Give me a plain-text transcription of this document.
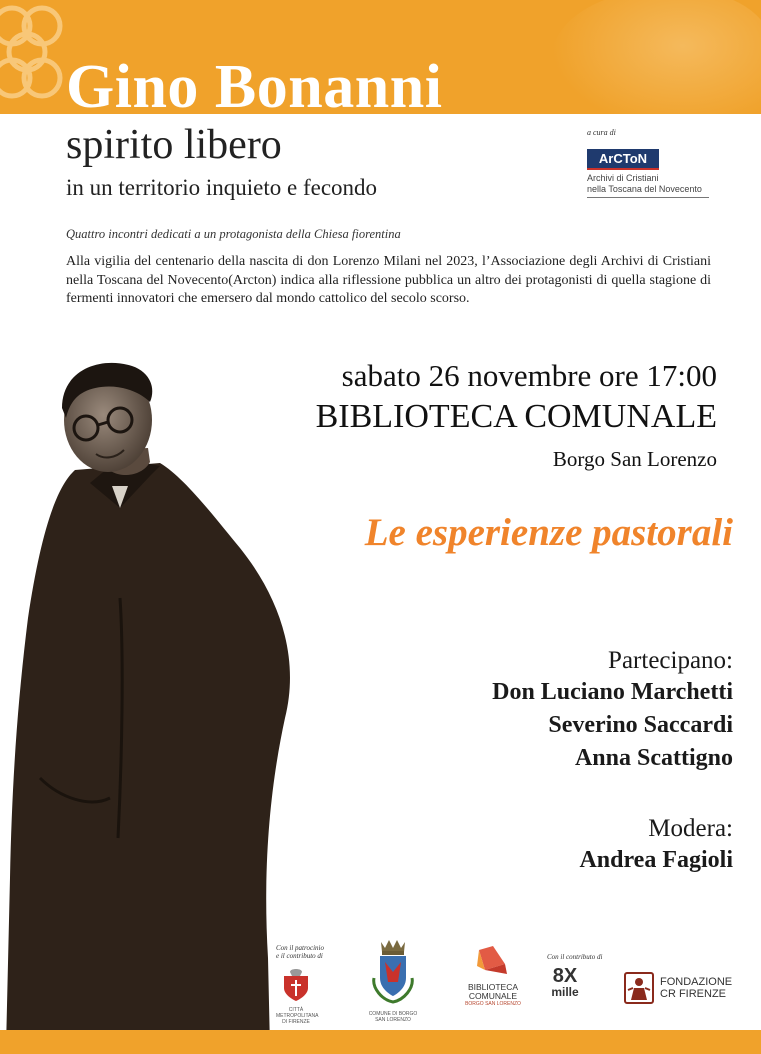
Gino Bonanni
spirito libero
in un territorio inquieto e fecondo
a cura di
ArCToN
Archivi di Cristiani
nella Toscana del Novecento
Quattro incontri dedicati a un protagonista della Chiesa fiorentina

Alla vigilia del centenario della nascita di don Lorenzo Milani nel 2023, l’Associazione degli Archivi di Cristiani nella Toscana del Novecento(Arcton) indica alla riflessione pubblica un altro dei protagonisti di quella stagione di fermenti innovatori che emersero dal mondo cattolico del secolo scorso.

sabato 26 novembre ore 17:00
BIBLIOTECA COMUNALE
Borgo San Lorenzo
Le esperienze pastorali
Partecipano:
Don Luciano Marchetti
Severino Saccardi
Anna Scattigno
Modera:
Andrea Fagioli
Con il patrocinio
e il contributo di	Con il contributo di
CITTÀ METROPOLITANA DI FIRENZE
COMUNE DI BORGO SAN LORENZO
BIBLIOTECA
COMUNALE
BORGO SAN LORENZO
8X
mille
FONDAZIONE
CR FIRENZE
